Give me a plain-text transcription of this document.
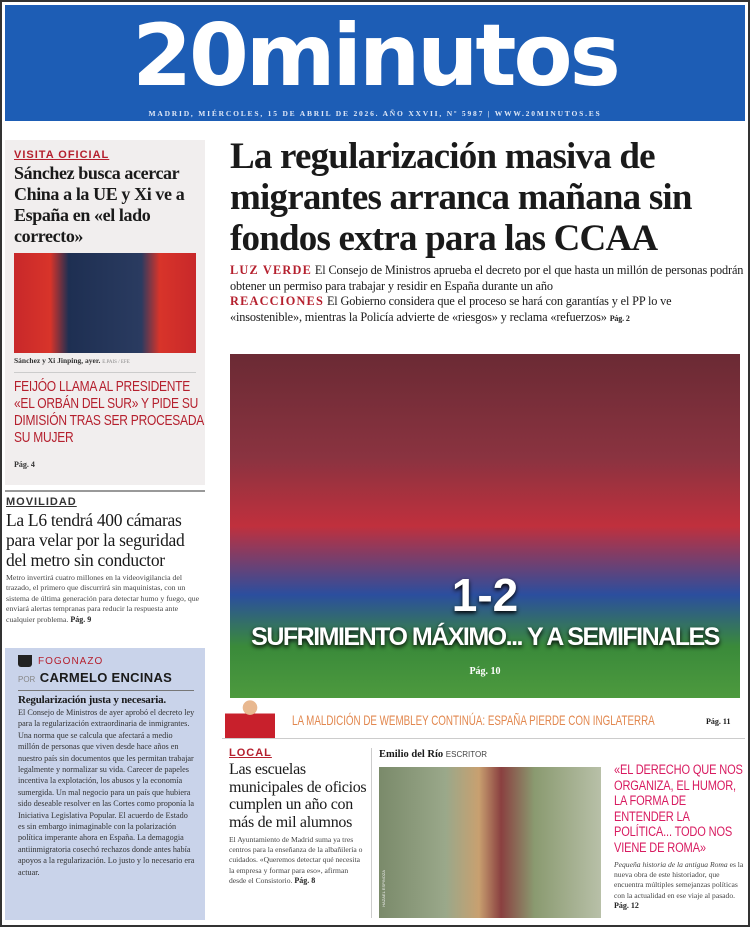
20minutos
MADRID, MIÉRCOLES, 15 DE ABRIL DE 2026. AÑO XXVII, Nº 5987 | WWW.20MINUTOS.ES
VISITA OFICIAL
Sánchez busca acercar China a la UE y Xi ve a España en «el lado correcto»
Sánchez y Xi Jinping, ayer. E.PAIS / EFE
FEIJÓO LLAMA AL PRESIDENTE «EL ORBÁN DEL SUR» Y PIDE SU DIMISIÓN TRAS SER PROCESADA SU MUJER
Pág. 4
MOVILIDAD
La L6 tendrá 400 cámaras para velar por la seguridad del metro sin conductor

Metro invertirá cuatro millones en la videovigilancia del trazado, el primero que discurrirá sin maquinistas, con un sistema de última generación para detectar humo y fuego, que enviará alertas tempranas para reducir la respuesta ante cualquier problema. Pág. 9

FOGONAZO
POR CARMELO ENCINAS
Regularización justa y necesaria.

El Consejo de Ministros de ayer aprobó el decreto ley para la regularización extraordinaria de inmigrantes. Una norma que se calcula que afectará a medio millón de personas que viven desde hace años en nuestro país sin documentos que les permitan trabajar legalmente y normalizar su vida. Carecer de papeles incentiva la explotación, los abusos y la economía sumergida. Un mal negocio para un país que hubiera sido deseable resolver en las Cortes como proponía la Iniciativa Legislativa Popular. El acuerdo de Estado es sin embargo inimaginable con la polarización política imperante ahora en España. La demagogia antiinmigratoria cosechó rechazos donde antes había apoyos a la regularización. Lo justo y lo necesario era actuar.

La regularización masiva de migrantes arranca mañana sin fondos extra para las CCAA
LUZ VERDE El Consejo de Ministros aprueba el decreto por el que hasta un millón de personas podrán obtener un permiso para trabajar y residir en España durante un año
REACCIONES El Gobierno considera que el proceso se hará con garantías y el PP lo ve «insostenible», mientras la Policía advierte de «riesgos» y reclama «refuerzos» Pág. 2
1-2
SUFRIMIENTO MÁXIMO... Y A SEMIFINALES
Pág. 10
LA MALDICIÓN DE WEMBLEY CONTINÚA: ESPAÑA PIERDE CON INGLATERRA	Pág. 11
LOCAL
Las escuelas municipales de oficios cumplen un año con más de mil alumnos

El Ayuntamiento de Madrid suma ya tres centros para la enseñanza de la albañilería o cuidados. «Queremos detectar qué necesita la empresa y formar para eso», afirman desde el Consistorio. Pág. 8

Emilio del Río ESCRITOR
HAZAEL ESPINOZA
«EL DERECHO QUE NOS ORGANIZA, EL HUMOR, LA FORMA DE ENTENDER LA POLÍTICA... TODO NOS VIENE DE ROMA»

Pequeña historia de la antigua Roma es la nueva obra de este historiador, que encuentra múltiples semejanzas políticas con la actualidad en ese viaje al pasado. Pág. 12
